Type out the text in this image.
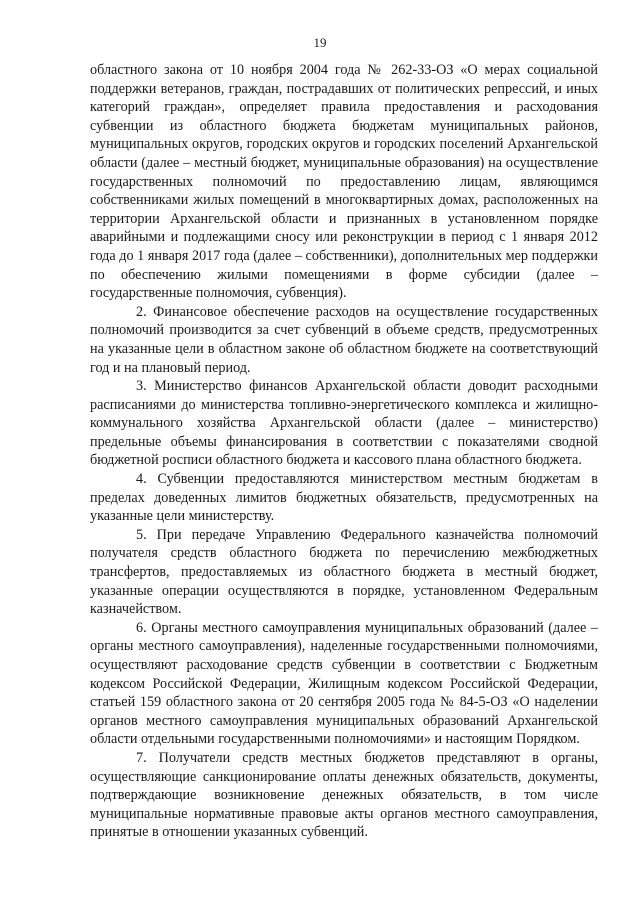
19

областного закона от 10 ноября 2004 года № 262-33-ОЗ «О мерах социальной поддержки ветеранов, граждан, пострадавших от политических репрессий, и иных категорий граждан», определяет правила предоставления и расходования субвенции из областного бюджета бюджетам муниципальных районов, муниципальных округов, городских округов и городских поселений Архангельской области (далее – местный бюджет, муниципальные образования) на осуществление государственных полномочий по предоставлению лицам, являющимся собственниками жилых помещений в многоквартирных домах, расположенных на территории Архангельской области и признанных в установленном порядке аварийными и подлежащими сносу или реконструкции в период с 1 января 2012 года до 1 января 2017 года (далее – собственники), дополнительных мер поддержки по обеспечению жилыми помещениями в форме субсидии (далее – государственные полномочия, субвенция).

2. Финансовое обеспечение расходов на осуществление государственных полномочий производится за счет субвенций в объеме средств, предусмотренных на указанные цели в областном законе об областном бюджете на соответствующий год и на плановый период.

3. Министерство финансов Архангельской области доводит расходными расписаниями до министерства топливно-энергетического комплекса и жилищно-коммунального хозяйства Архангельской области (далее – министерство) предельные объемы финансирования в соответствии с показателями сводной бюджетной росписи областного бюджета и кассового плана областного бюджета.

4. Субвенции предоставляются министерством местным бюджетам в пределах доведенных лимитов бюджетных обязательств, предусмотренных на указанные цели министерству.

5. При передаче Управлению Федерального казначейства полномочий получателя средств областного бюджета по перечислению межбюджетных трансфертов, предоставляемых из областного бюджета в местный бюджет, указанные операции осуществляются в порядке, установленном Федеральным казначейством.

6. Органы местного самоуправления муниципальных образований (далее – органы местного самоуправления), наделенные государственными полномочиями, осуществляют расходование средств субвенции в соответствии с Бюджетным кодексом Российской Федерации, Жилищным кодексом Российской Федерации, статьей 159 областного закона от 20 сентября 2005 года № 84-5-ОЗ «О наделении органов местного самоуправления муниципальных образований Архангельской области отдельными государственными полномочиями» и настоящим Порядком.

7. Получатели средств местных бюджетов представляют в органы, осуществляющие санкционирование оплаты денежных обязательств, документы, подтверждающие возникновение денежных обязательств, в том числе муниципальные нормативные правовые акты органов местного самоуправления, принятые в отношении указанных субвенций.
